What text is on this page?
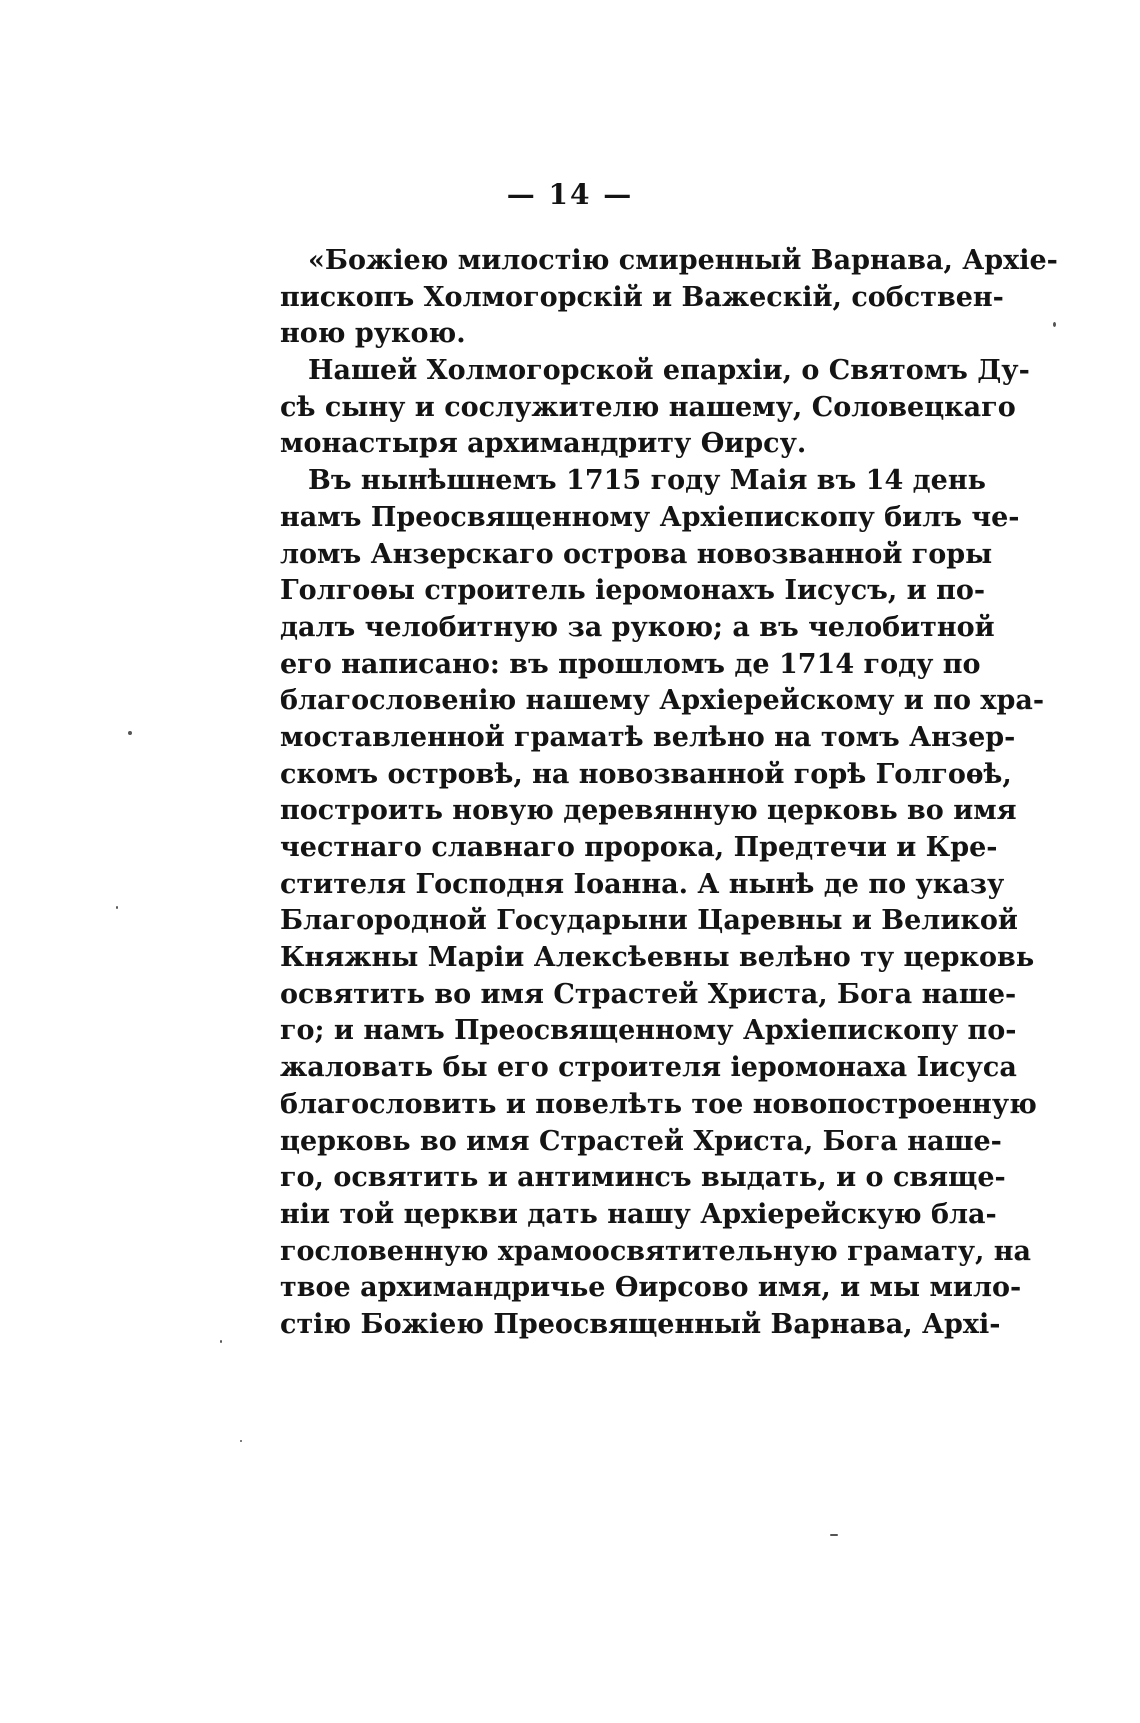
— 14 —
«Божіею милостію смиренный Варнава, Архіе-
пископъ Холмогорскій и Важескій, собствен-
ною рукою.
Нашей Холмогорской епархіи, о Святомъ Ду-
сѣ сыну и сослужителю нашему, Соловецкаго
монастыря архимандриту Ѳирсу.
Въ нынѣшнемъ 1715 году Маія въ 14 день
намъ Преосвященному Архіепископу билъ че-
ломъ Анзерскаго острова новозванной горы
Голгоѳы строитель іеромонахъ Іисусъ, и по-
далъ челобитную за рукою; а въ челобитной
его написано: въ прошломъ де 1714 году по
благословенію нашему Архіерейскому и по хра-
моставленной граматѣ велѣно на томъ Анзер-
скомъ островѣ, на новозванной горѣ Голгоѳѣ,
построить новую деревянную церковь во имя
честнаго славнаго пророка, Предтечи и Кре-
стителя Господня Іоанна. А нынѣ де по указу
Благородной Государыни Царевны и Великой
Княжны Маріи Алексѣевны велѣно ту церковь
освятить во имя Страстей Христа, Бога наше-
го; и намъ Преосвященному Архіепископу по-
жаловать бы его строителя іеромонаха Іисуса
благословить и повелѣть тое новопостроенную
церковь во имя Страстей Христа, Бога наше-
го, освятить и антиминсъ выдать, и о свяще-
ніи той церкви дать нашу Архіерейскую бла-
гословенную храмоосвятительную грамату, на
твое архимандричье Ѳирсово имя, и мы мило-
стію Божіею Преосвященный Варнава, Архі-
